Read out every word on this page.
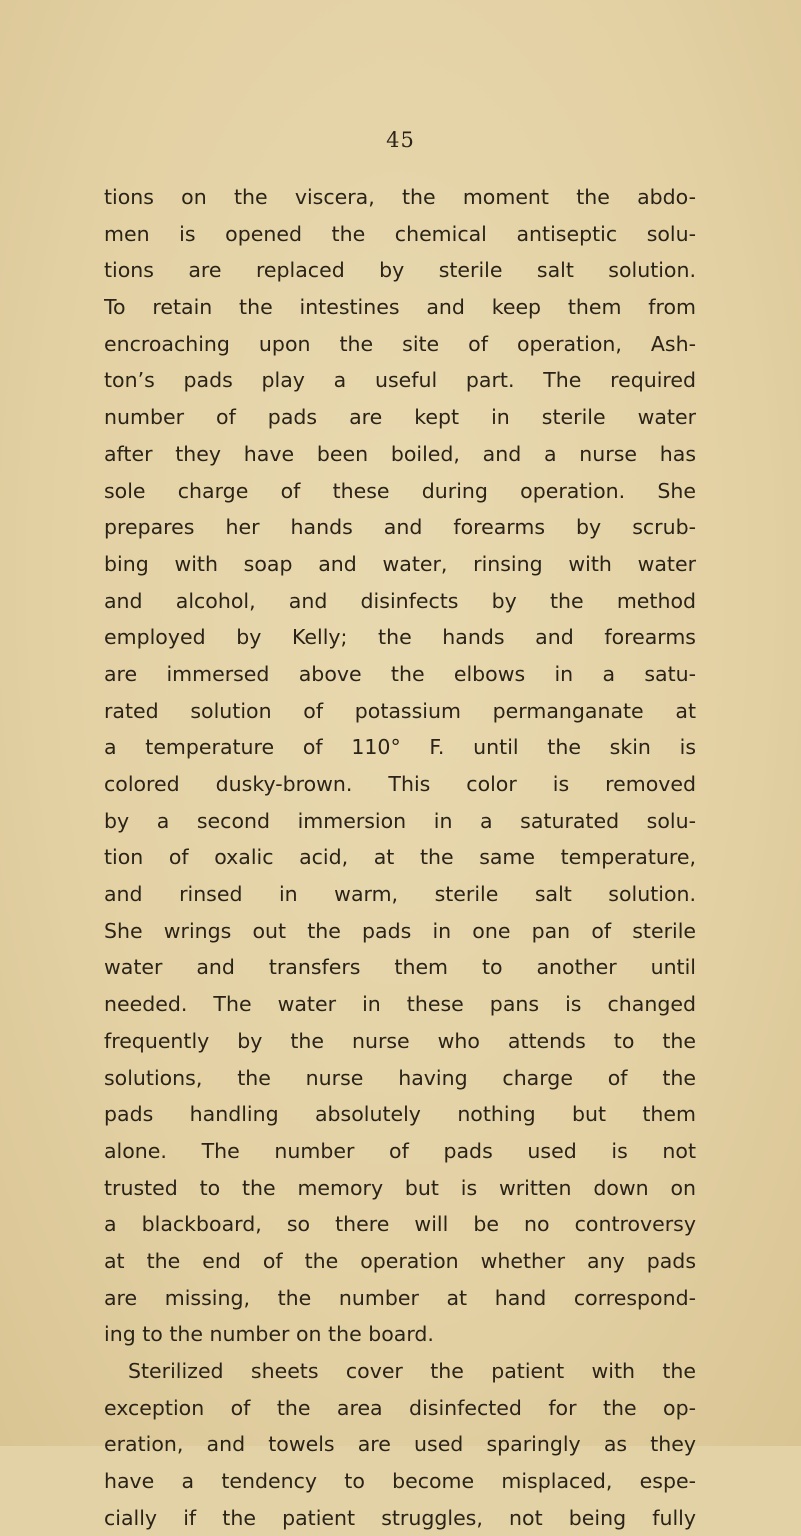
45
tions on the viscera, the moment the abdo-
men is opened the chemical antiseptic solu-
tions are replaced by sterile salt solution.
To retain the intestines and keep them from
encroaching upon the site of operation, Ash-
ton’s pads play a useful part. The required
number of pads are kept in sterile water
after they have been boiled, and a nurse has
sole charge of these during operation. She
prepares her hands and forearms by scrub-
bing with soap and water, rinsing with water
and alcohol, and disinfects by the method
employed by Kelly; the hands and forearms
are immersed above the elbows in a satu-
rated solution of potassium permanganate at
a temperature of 110° F. until the skin is
colored dusky-brown. This color is removed
by a second immersion in a saturated solu-
tion of oxalic acid, at the same temperature,
and rinsed in warm, sterile salt solution.
She wrings out the pads in one pan of sterile
water and transfers them to another until
needed. The water in these pans is changed
frequently by the nurse who attends to the
solutions, the nurse having charge of the
pads handling absolutely nothing but them
alone. The number of pads used is not
trusted to the memory but is written down on
a blackboard, so there will be no controversy
at the end of the operation whether any pads
are missing, the number at hand correspond-
ing to the number on the board.
Sterilized sheets cover the patient with the
exception of the area disinfected for the op-
eration, and towels are used sparingly as they
have a tendency to become misplaced, espe-
cially if the patient struggles, not being fully
